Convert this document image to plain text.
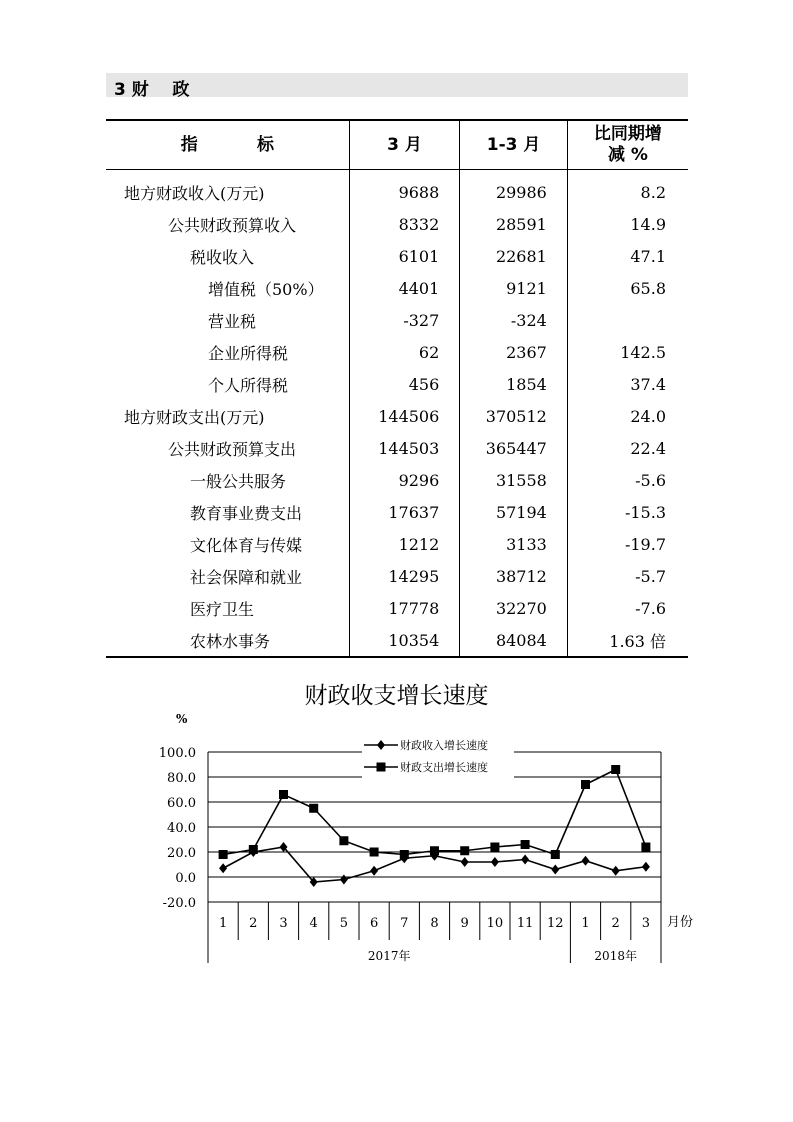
3 财    政
指          标	3 月	1-3 月	比同期增
减 %

地方财政收入(万元)	9688	29986	8.2
公共财政预算收入	8332	28591	14.9
税收收入	6101	22681	47.1
增值税（50%）	4401	9121	65.8
营业税	-327	-324	
企业所得税	62	2367	142.5
个人所得税	456	1854	37.4
地方财政支出(万元)	144506	370512	24.0
公共财政预算支出	144503	365447	22.4
一般公共服务	9296	31558	-5.6
教育事业费支出	17637	57194	-15.3
文化体育与传媒	1212	3133	-19.7
社会保障和就业	14295	38712	-5.7
医疗卫生	17778	32270	-7.6
农林水事务	10354	84084	1.63 倍
财政收支增长速度
%
100.0
80.0
60.0
40.0
20.0
0.0
-20.0
2017年	2018年
1 2 3 4 5 6 7 8 9 10 11 12 1 2 3 月份
财政收入增长速度
财政支出增长速度
